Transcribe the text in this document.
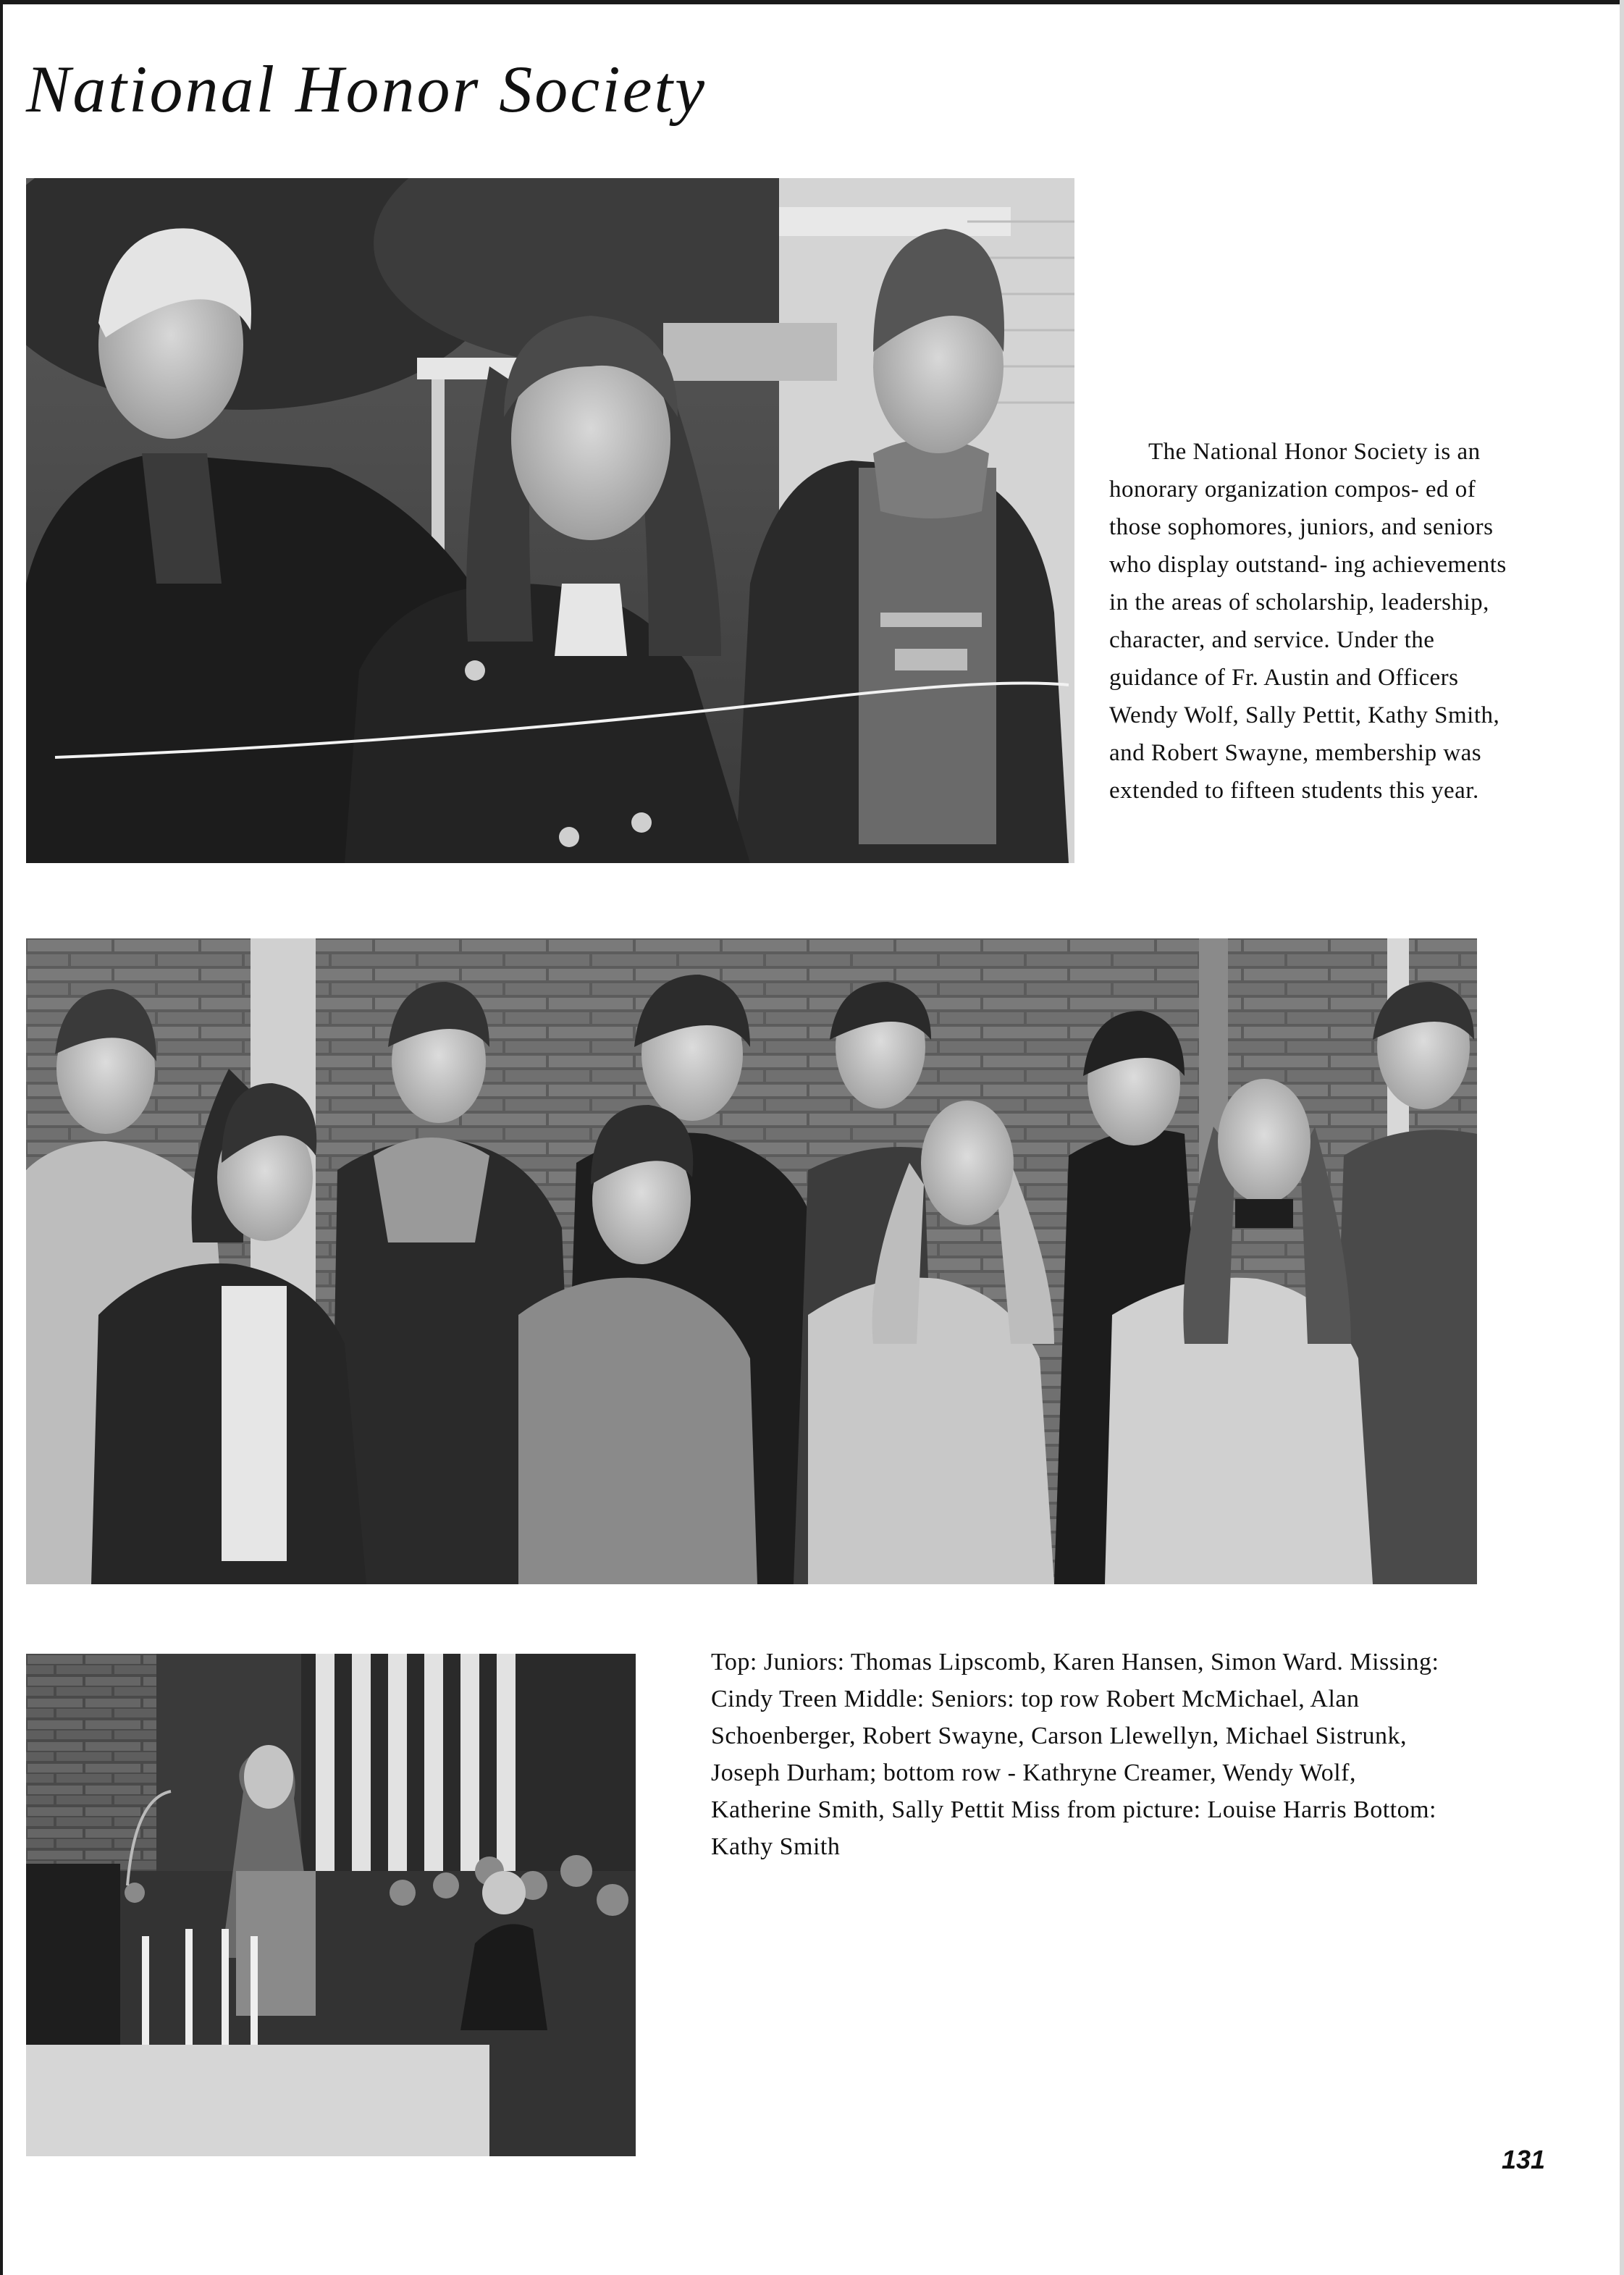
National Honor Society
The National Honor Society is an honorary organization compos- ed of those sophomores, juniors, and seniors who display outstand- ing achievements in the areas of scholarship, leadership, character, and service. Under the guidance of Fr. Austin and Officers Wendy Wolf, Sally Pettit, Kathy Smith, and Robert Swayne, membership was extended to fifteen students this year.
Top: Juniors: Thomas Lipscomb, Karen Hansen, Simon Ward. Missing: Cindy Treen Middle: Seniors: top row Robert McMichael, Alan Schoenberger, Robert Swayne, Carson Llewellyn, Michael Sistrunk, Joseph Durham; bottom row - Kathryne Creamer, Wendy Wolf, Katherine Smith, Sally Pettit Miss from picture: Louise Harris Bottom: Kathy Smith
131
